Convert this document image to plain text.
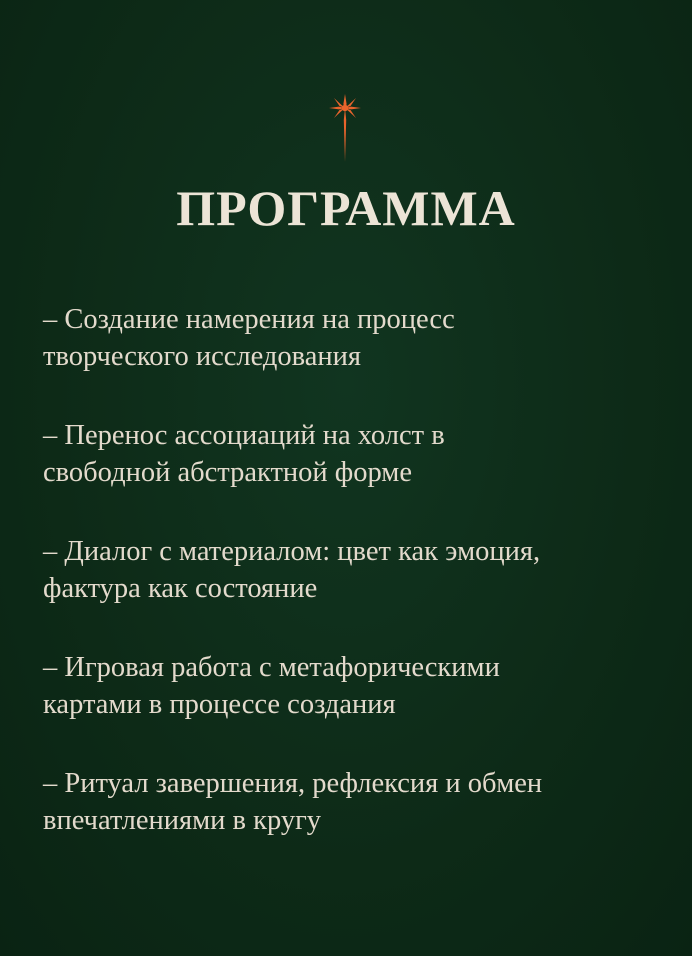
ПРОГРАММА
– Создание намерения на процесс
творческого исследования
– Перенос ассоциаций на холст в
свободной абстрактной форме
– Диалог с материалом: цвет как эмоция,
фактура как состояние
– Игровая работа с метафорическими
картами в процессе создания
– Ритуал завершения, рефлексия и обмен
впечатлениями в кругу
